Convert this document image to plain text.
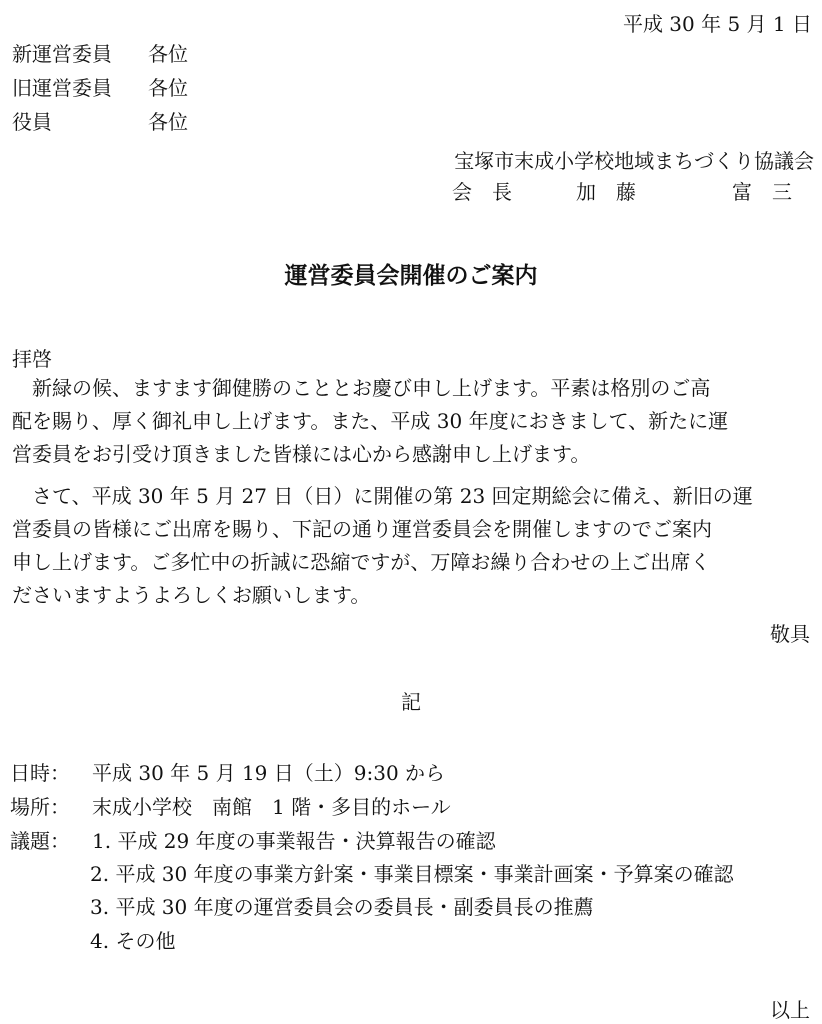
平成 30 年 5 月 1 日
新運営委員 各位
旧運営委員 各位
役員	各位
宝塚市末成小学校地域まちづくり協議会
会　長	加　藤	富　三
運営委員会開催のご案内
拝啓
　新緑の候、ますます御健勝のこととお慶び申し上げます。平素は格別のご高
配を賜り、厚く御礼申し上げます。また、平成 30 年度におきまして、新たに運
営委員をお引受け頂きました皆様には心から感謝申し上げます。
　さて、平成 30 年 5 月 27 日（日）に開催の第 23 回定期総会に備え、新旧の運
営委員の皆様にご出席を賜り、下記の通り運営委員会を開催しますのでご案内
申し上げます。ご多忙中の折誠に恐縮ですが、万障お繰り合わせの上ご出席く
ださいますようよろしくお願いします。
敬具
記
日時： 平成 30 年 5 月 19 日（土）9:30 から
場所： 末成小学校　南館　1 階・多目的ホール
議題： 1. 平成 29 年度の事業報告・決算報告の確認
2. 平成 30 年度の事業方針案・事業目標案・事業計画案・予算案の確認
3. 平成 30 年度の運営委員会の委員長・副委員長の推薦
4. その他
以上
